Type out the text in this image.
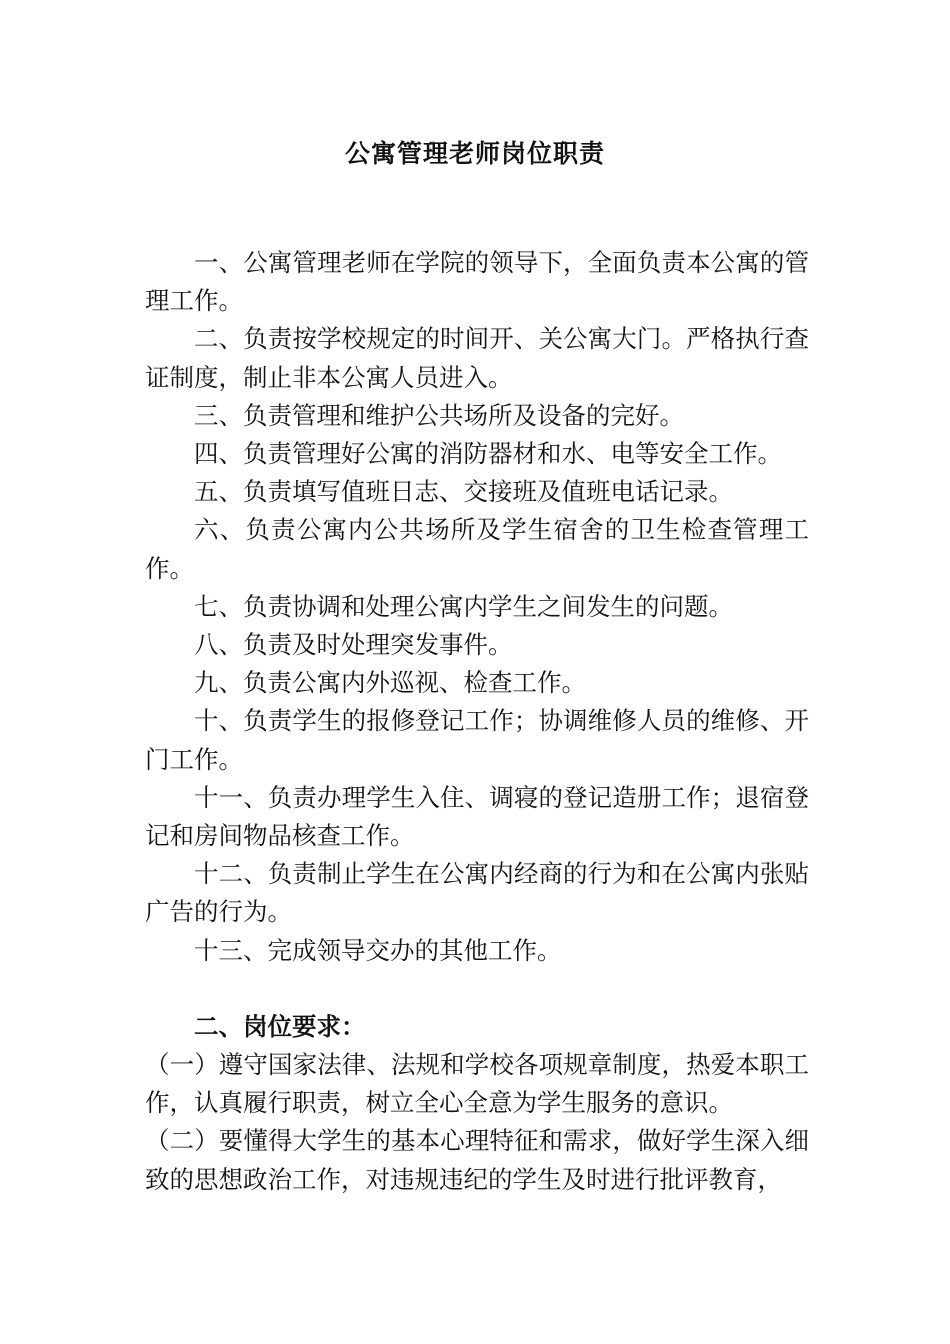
公寓管理老师岗位职责

一、公寓管理老师在学院的领导下，全面负责本公寓的管理工作。

二、负责按学校规定的时间开、关公寓大门。严格执行查证制度，制止非本公寓人员进入。

三、负责管理和维护公共场所及设备的完好。

四、负责管理好公寓的消防器材和水、电等安全工作。

五、负责填写值班日志、交接班及值班电话记录。

六、负责公寓内公共场所及学生宿舍的卫生检查管理工作。

七、负责协调和处理公寓内学生之间发生的问题。

八、负责及时处理突发事件。

九、负责公寓内外巡视、检查工作。

十、负责学生的报修登记工作；协调维修人员的维修、开门工作。

十一、负责办理学生入住、调寝的登记造册工作；退宿登记和房间物品核查工作。

十二、负责制止学生在公寓内经商的行为和在公寓内张贴广告的行为。

十三、完成领导交办的其他工作。

二、岗位要求：

（一）遵守国家法律、法规和学校各项规章制度，热爱本职工作，认真履行职责，树立全心全意为学生服务的意识。

（二）要懂得大学生的基本心理特征和需求，做好学生深入细致的思想政治工作，对违规违纪的学生及时进行批评教育，
